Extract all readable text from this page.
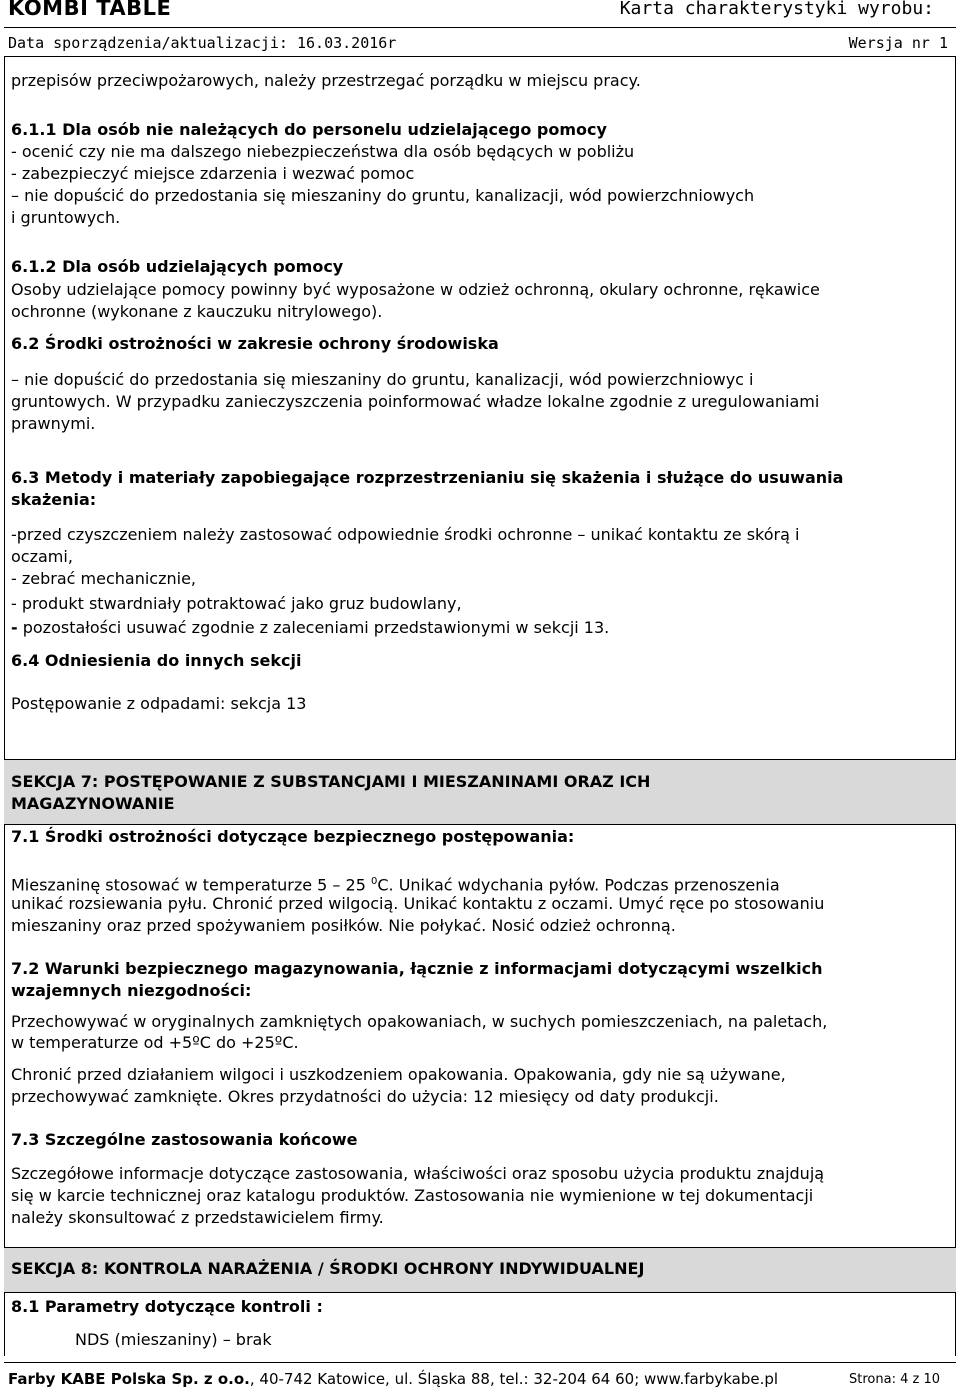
KOMBI TABLE	Karta charakterystyki wyrobu:
Data sporządzenia/aktualizacji: 16.03.2016r	Wersja nr 1
przepisów przeciwpożarowych, należy przestrzegać porządku w miejscu pracy.
6.1.1 Dla osób nie należących do personelu udzielającego pomocy
- ocenić czy nie ma dalszego niebezpieczeństwa dla osób będących w pobliżu
- zabezpieczyć miejsce zdarzenia i wezwać pomoc
– nie dopuścić do przedostania się mieszaniny do gruntu, kanalizacji, wód powierzchniowych
i gruntowych.
6.1.2 Dla osób udzielających pomocy
Osoby udzielające pomocy powinny być wyposażone w odzież ochronną, okulary ochronne, rękawice
ochronne (wykonane z kauczuku nitrylowego).
6.2 Środki ostrożności w zakresie ochrony środowiska
– nie dopuścić do przedostania się mieszaniny do gruntu, kanalizacji, wód powierzchniowyc i
gruntowych. W przypadku zanieczyszczenia poinformować władze lokalne zgodnie z uregulowaniami
prawnymi.
6.3 Metody i materiały zapobiegające rozprzestrzenianiu się skażenia i służące do usuwania
skażenia:
-przed czyszczeniem należy zastosować odpowiednie środki ochronne – unikać kontaktu ze skórą i
oczami,
- zebrać mechanicznie,
- produkt stwardniały potraktować jako gruz budowlany,
- pozostałości usuwać zgodnie z zaleceniami przedstawionymi w sekcji 13.
6.4 Odniesienia do innych sekcji
Postępowanie z odpadami: sekcja 13
SEKCJA 7: POSTĘPOWANIE Z SUBSTANCJAMI I MIESZANINAMI ORAZ ICH
MAGAZYNOWANIE
7.1 Środki ostrożności dotyczące bezpiecznego postępowania:
Mieszaninę stosować w temperaturze 5 – 25 $^0$C. Unikać wdychania pyłów. Podczas przenoszenia
unikać rozsiewania pyłu. Chronić przed wilgocią. Unikać kontaktu z oczami. Umyć ręce po stosowaniu
mieszaniny oraz przed spożywaniem posiłków. Nie połykać. Nosić odzież ochronną.
7.2 Warunki bezpiecznego magazynowania, łącznie z informacjami dotyczącymi wszelkich
wzajemnych niezgodności:
Przechowywać w oryginalnych zamkniętych opakowaniach, w suchych pomieszczeniach, na paletach,
w temperaturze od +5ºC do +25ºC.
Chronić przed działaniem wilgoci i uszkodzeniem opakowania. Opakowania, gdy nie są używane,
przechowywać zamknięte. Okres przydatności do użycia: 12 miesięcy od daty produkcji.
7.3 Szczególne zastosowania końcowe
Szczegółowe informacje dotyczące zastosowania, właściwości oraz sposobu użycia produktu znajdują
się w karcie technicznej oraz katalogu produktów. Zastosowania nie wymienione w tej dokumentacji
należy skonsultować z przedstawicielem firmy.
SEKCJA 8: KONTROLA NARAŻENIA / ŚRODKI OCHRONY INDYWIDUALNEJ
8.1 Parametry dotyczące kontroli :
NDS (mieszaniny) – brak
Farby KABE Polska Sp. z o.o., 40-742 Katowice, ul. Śląska 88, tel.: 32-204 64 60; www.farbykabe.pl	Strona: 4 z 10
